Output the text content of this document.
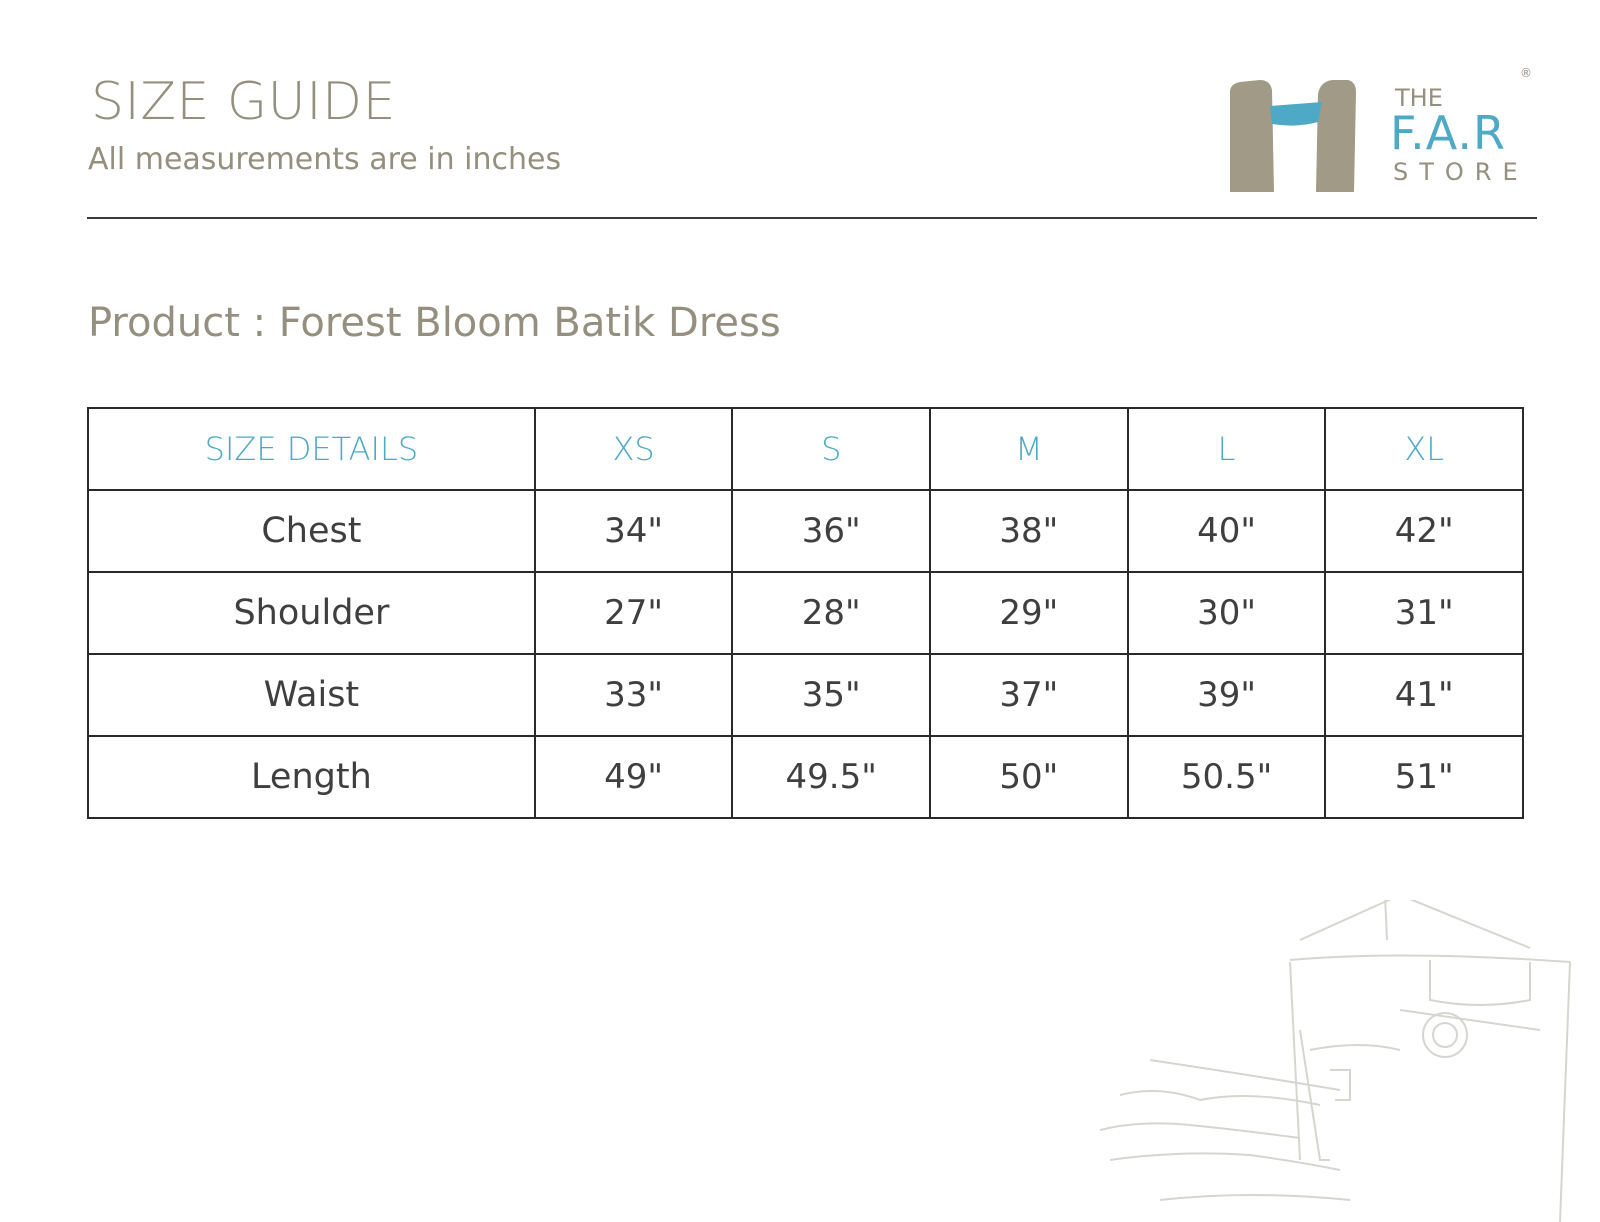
SIZE GUIDE
All measurements are in inches
®
THE
F.A.R
STORE
Product : Forest Bloom Batik Dress
SIZE DETAILS	XS	S	M	L	XL
Chest	34"	36"	38"	40"	42"
Shoulder	27"	28"	29"	30"	31"
Waist	33"	35"	37"	39"	41"
Length	49"	49.5"	50"	50.5"	51"
